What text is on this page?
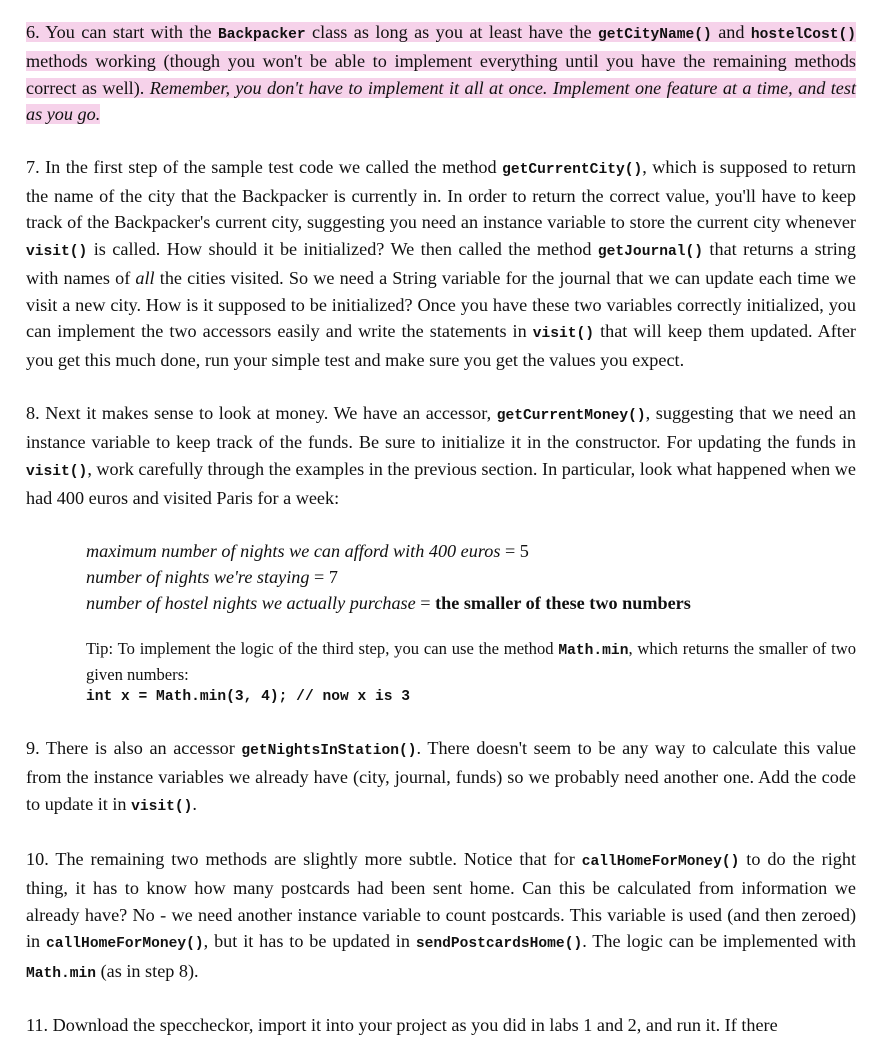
6. You can start with the Backpacker class as long as you at least have the getCityName() and hostelCost() methods working (though you won't be able to implement everything until you have the remaining methods correct as well). Remember, you don't have to implement it all at once. Implement one feature at a time, and test as you go.

7. In the first step of the sample test code we called the method getCurrentCity(), which is supposed to return the name of the city that the Backpacker is currently in. In order to return the correct value, you'll have to keep track of the Backpacker's current city, suggesting you need an instance variable to store the current city whenever visit() is called. How should it be initialized? We then called the method getJournal() that returns a string with names of all the cities visited. So we need a String variable for the journal that we can update each time we visit a new city. How is it supposed to be initialized? Once you have these two variables correctly initialized, you can implement the two accessors easily and write the statements in visit() that will keep them updated. After you get this much done, run your simple test and make sure you get the values you expect.

8. Next it makes sense to look at money. We have an accessor, getCurrentMoney(), suggesting that we need an instance variable to keep track of the funds. Be sure to initialize it in the constructor. For updating the funds in visit(), work carefully through the examples in the previous section. In particular, look what happened when we had 400 euros and visited Paris for a week:

maximum number of nights we can afford with 400 euros = 5

number of nights we're staying = 7

number of hostel nights we actually purchase = the smaller of these two numbers

Tip: To implement the logic of the third step, you can use the method Math.min, which returns the smaller of two given numbers:

int x = Math.min(3, 4); // now x is 3

9. There is also an accessor getNightsInStation(). There doesn't seem to be any way to calculate this value from the instance variables we already have (city, journal, funds) so we probably need another one. Add the code to update it in visit().

10. The remaining two methods are slightly more subtle. Notice that for callHomeForMoney() to do the right thing, it has to know how many postcards had been sent home. Can this be calculated from information we already have? No - we need another instance variable to count postcards. This variable is used (and then zeroed) in callHomeForMoney(), but it has to be updated in sendPostcardsHome(). The logic can be implemented with Math.min (as in step 8).

11. Download the speccheckor, import it into your project as you did in labs 1 and 2, and run it. If there
